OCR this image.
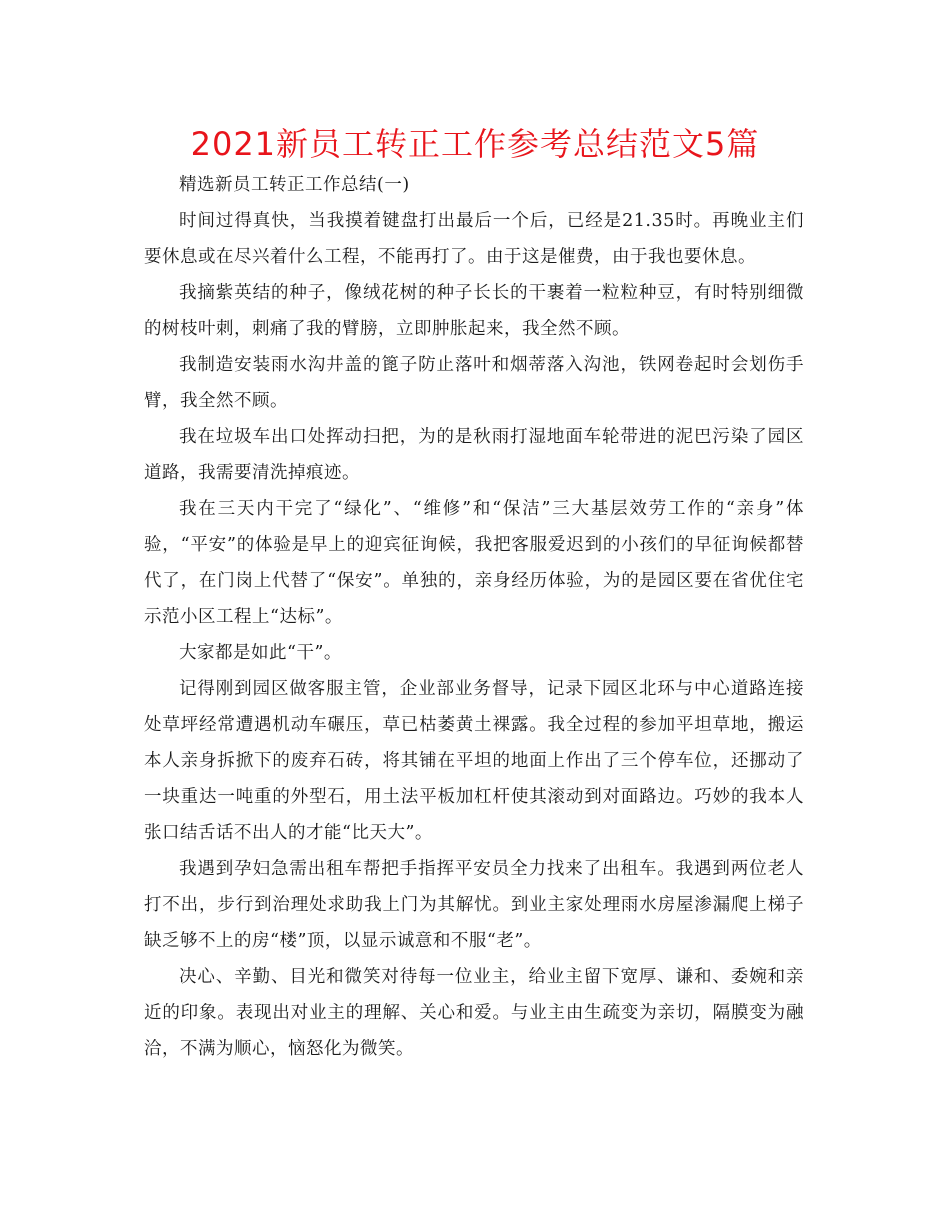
2021新员工转正工作参考总结范文5篇

精选新员工转正工作总结(一)

时间过得真快，当我摸着键盘打出最后一个后，已经是21.35时。再晚业主们要休息或在尽兴着什么工程，不能再打了。由于这是催费，由于我也要休息。

我摘紫英结的种子，像绒花树的种子长长的干裹着一粒粒种豆，有时特别细微的树枝叶刺，刺痛了我的臂膀，立即肿胀起来，我全然不顾。

我制造安装雨水沟井盖的篦子防止落叶和烟蒂落入沟池，铁网卷起时会划伤手臂，我全然不顾。

我在垃圾车出口处挥动扫把，为的是秋雨打湿地面车轮带进的泥巴污染了园区道路，我需要清洗掉痕迹。

我在三天内干完了“绿化”、“维修”和“保洁”三大基层效劳工作的“亲身”体验，“平安”的体验是早上的迎宾征询候，我把客服爱迟到的小孩们的早征询候都替代了，在门岗上代替了“保安”。单独的，亲身经历体验，为的是园区要在省优住宅示范小区工程上“达标”。

大家都是如此“干”。

记得刚到园区做客服主管，企业部业务督导，记录下园区北环与中心道路连接处草坪经常遭遇机动车碾压，草已枯萎黄土裸露。我全过程的参加平坦草地，搬运本人亲身拆掀下的废弃石砖，将其铺在平坦的地面上作出了三个停车位，还挪动了一块重达一吨重的外型石，用土法平板加杠杆使其滚动到对面路边。巧妙的我本人张口结舌话不出人的才能“比天大”。

我遇到孕妇急需出租车帮把手指挥平安员全力找来了出租车。我遇到两位老人打不出，步行到治理处求助我上门为其解忧。到业主家处理雨水房屋渗漏爬上梯子缺乏够不上的房“楼”顶，以显示诚意和不服“老”。

决心、辛勤、目光和微笑对待每一位业主，给业主留下宽厚、谦和、委婉和亲近的印象。表现出对业主的理解、关心和爱。与业主由生疏变为亲切，隔膜变为融洽，不满为顺心，恼怒化为微笑。
